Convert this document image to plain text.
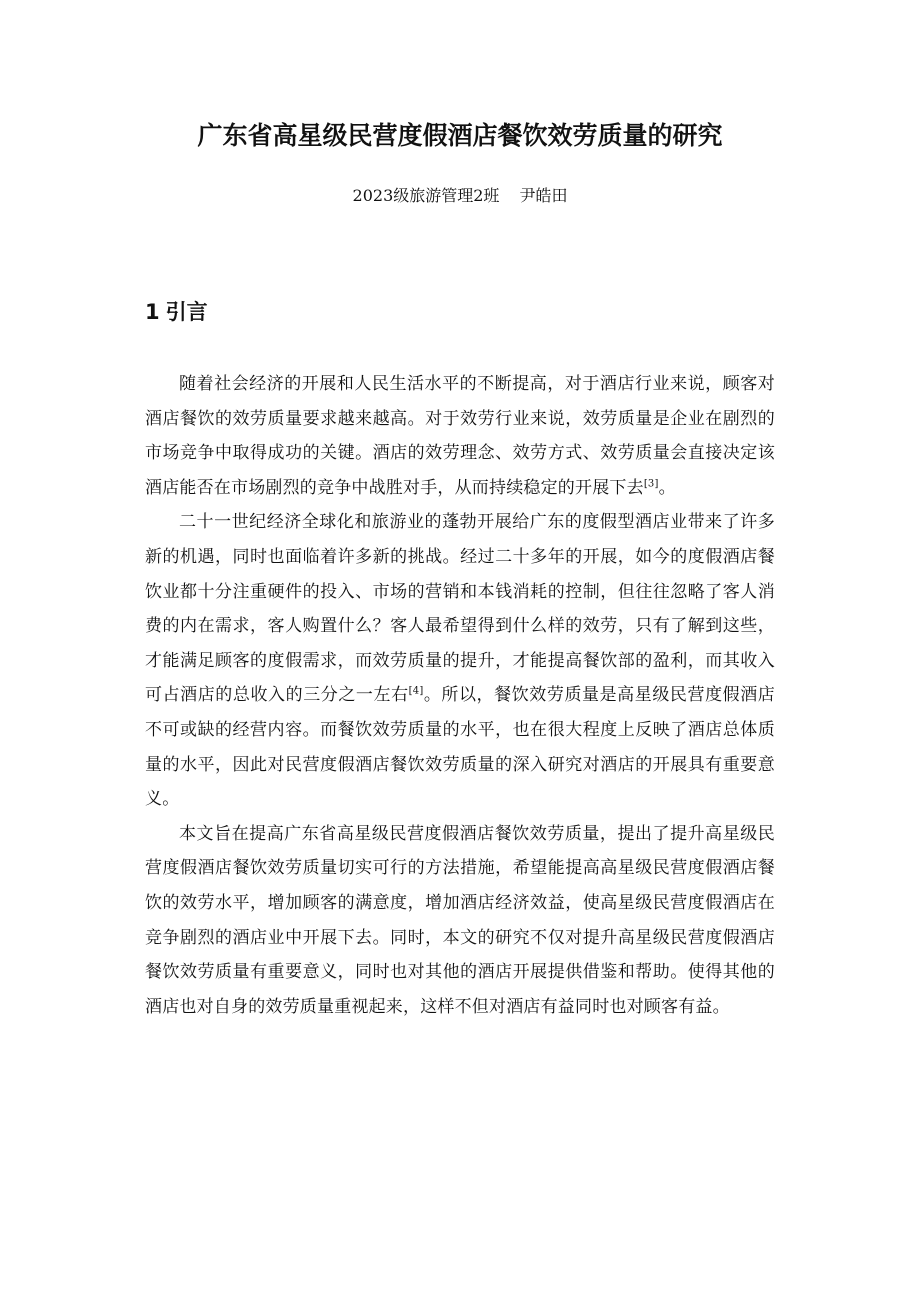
广东省高星级民营度假酒店餐饮效劳质量的研究

2023级旅游管理2班 尹皓田

1 引言

随着社会经济的开展和人民生活水平的不断提高，对于酒店行业来说，顾客对酒店餐饮的效劳质量要求越来越高。对于效劳行业来说，效劳质量是企业在剧烈的市场竞争中取得成功的关键。酒店的效劳理念、效劳方式、效劳质量会直接决定该酒店能否在市场剧烈的竞争中战胜对手，从而持续稳定的开展下去[3]。

二十一世纪经济全球化和旅游业的蓬勃开展给广东的度假型酒店业带来了许多新的机遇，同时也面临着许多新的挑战。经过二十多年的开展，如今的度假酒店餐饮业都十分注重硬件的投入、市场的营销和本钱消耗的控制，但往往忽略了客人消费的内在需求，客人购置什么？客人最希望得到什么样的效劳，只有了解到这些，才能满足顾客的度假需求，而效劳质量的提升，才能提高餐饮部的盈利，而其收入可占酒店的总收入的三分之一左右[4]。所以，餐饮效劳质量是高星级民营度假酒店不可或缺的经营内容。而餐饮效劳质量的水平，也在很大程度上反映了酒店总体质量的水平，因此对民营度假酒店餐饮效劳质量的深入研究对酒店的开展具有重要意义。

本文旨在提高广东省高星级民营度假酒店餐饮效劳质量，提出了提升高星级民营度假酒店餐饮效劳质量切实可行的方法措施，希望能提高高星级民营度假酒店餐饮的效劳水平，增加顾客的满意度，增加酒店经济效益，使高星级民营度假酒店在竞争剧烈的酒店业中开展下去。同时，本文的研究不仅对提升高星级民营度假酒店餐饮效劳质量有重要意义，同时也对其他的酒店开展提供借鉴和帮助。使得其他的酒店也对自身的效劳质量重视起来，这样不但对酒店有益同时也对顾客有益。
